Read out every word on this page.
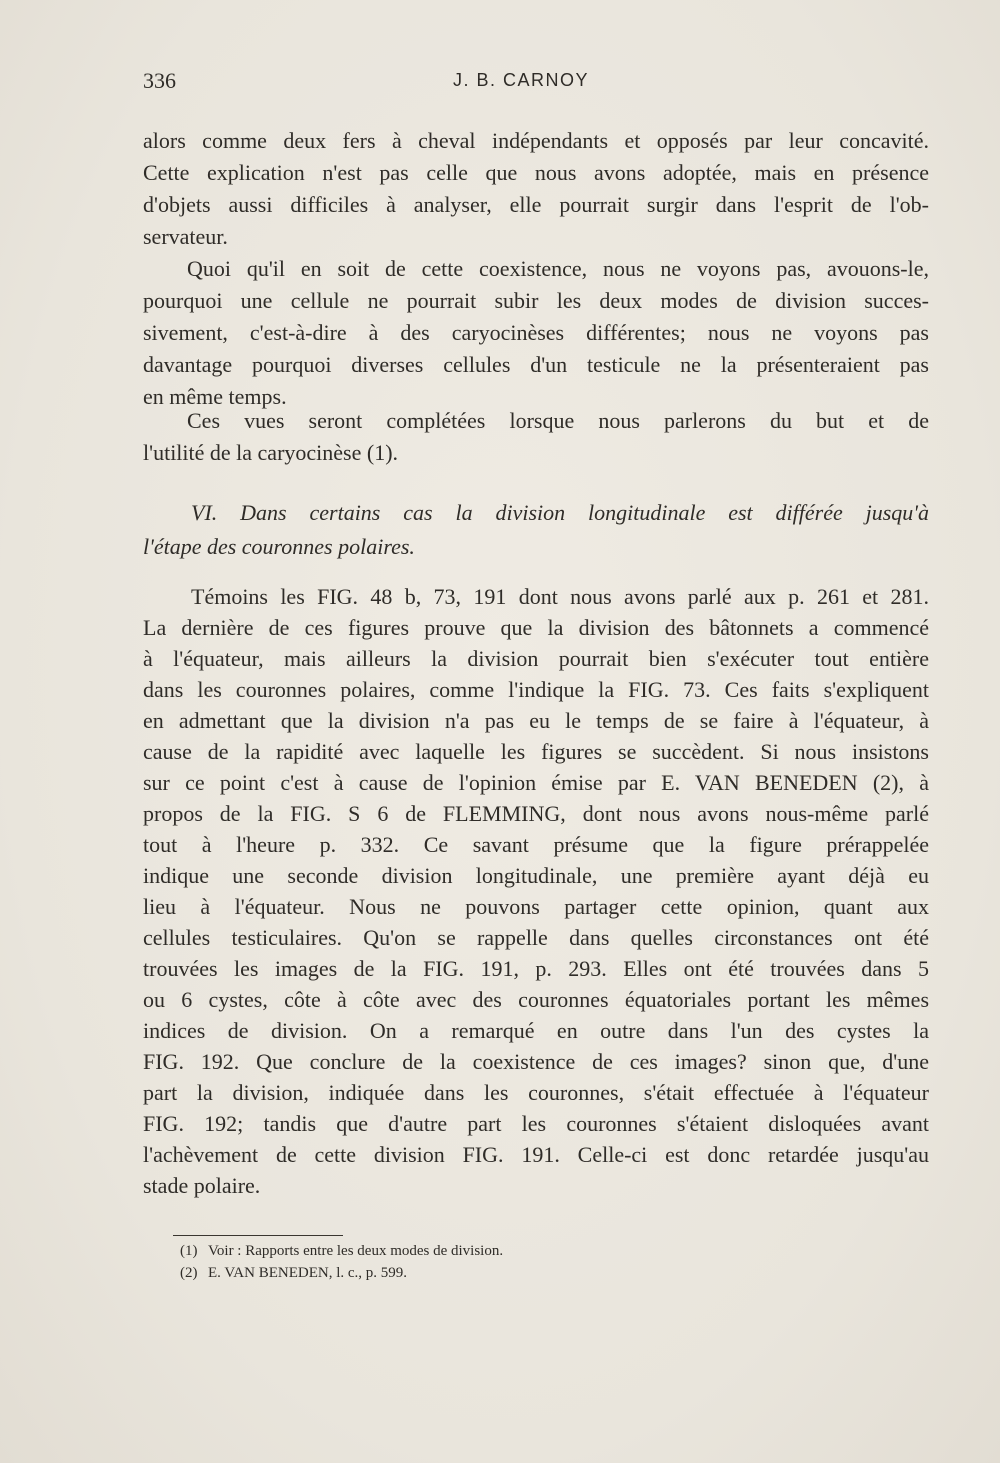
336	J. B. CARNOY
alors comme deux fers à cheval indépendants et opposés par leur concavité.
Cette explication n'est pas celle que nous avons adoptée, mais en présence
d'objets aussi difficiles à analyser, elle pourrait surgir dans l'esprit de l'ob-
servateur.
Quoi qu'il en soit de cette coexistence, nous ne voyons pas, avouons-le,
pourquoi une cellule ne pourrait subir les deux modes de division succes-
sivement, c'est-à-dire à des caryocinèses différentes; nous ne voyons pas
davantage pourquoi diverses cellules d'un testicule ne la présenteraient pas
en même temps.
Ces vues seront complétées lorsque nous parlerons du but et de
l'utilité de la caryocinèse (1).
VI. Dans certains cas la division longitudinale est différée jusqu'à
l'étape des couronnes polaires.
Témoins les FIG. 48 b, 73, 191 dont nous avons parlé aux p. 261 et 281.
La dernière de ces figures prouve que la division des bâtonnets a commencé
à l'équateur, mais ailleurs la division pourrait bien s'exécuter tout entière
dans les couronnes polaires, comme l'indique la FIG. 73. Ces faits s'expliquent
en admettant que la division n'a pas eu le temps de se faire à l'équateur, à
cause de la rapidité avec laquelle les figures se succèdent. Si nous insistons
sur ce point c'est à cause de l'opinion émise par E. VAN BENEDEN (2), à
propos de la FIG. S 6 de FLEMMING, dont nous avons nous-même parlé
tout à l'heure p. 332. Ce savant présume que la figure prérappelée
indique une seconde division longitudinale, une première ayant déjà eu
lieu à l'équateur. Nous ne pouvons partager cette opinion, quant aux
cellules testiculaires. Qu'on se rappelle dans quelles circonstances ont été
trouvées les images de la FIG. 191, p. 293. Elles ont été trouvées dans 5
ou 6 cystes, côte à côte avec des couronnes équatoriales portant les mêmes
indices de division. On a remarqué en outre dans l'un des cystes la
FIG. 192. Que conclure de la coexistence de ces images? sinon que, d'une
part la division, indiquée dans les couronnes, s'était effectuée à l'équateur
FIG. 192; tandis que d'autre part les couronnes s'étaient disloquées avant
l'achèvement de cette division FIG. 191. Celle-ci est donc retardée jusqu'au
stade polaire.
(1) Voir : Rapports entre les deux modes de division.
(2) E. VAN BENEDEN, l. c., p. 599.
